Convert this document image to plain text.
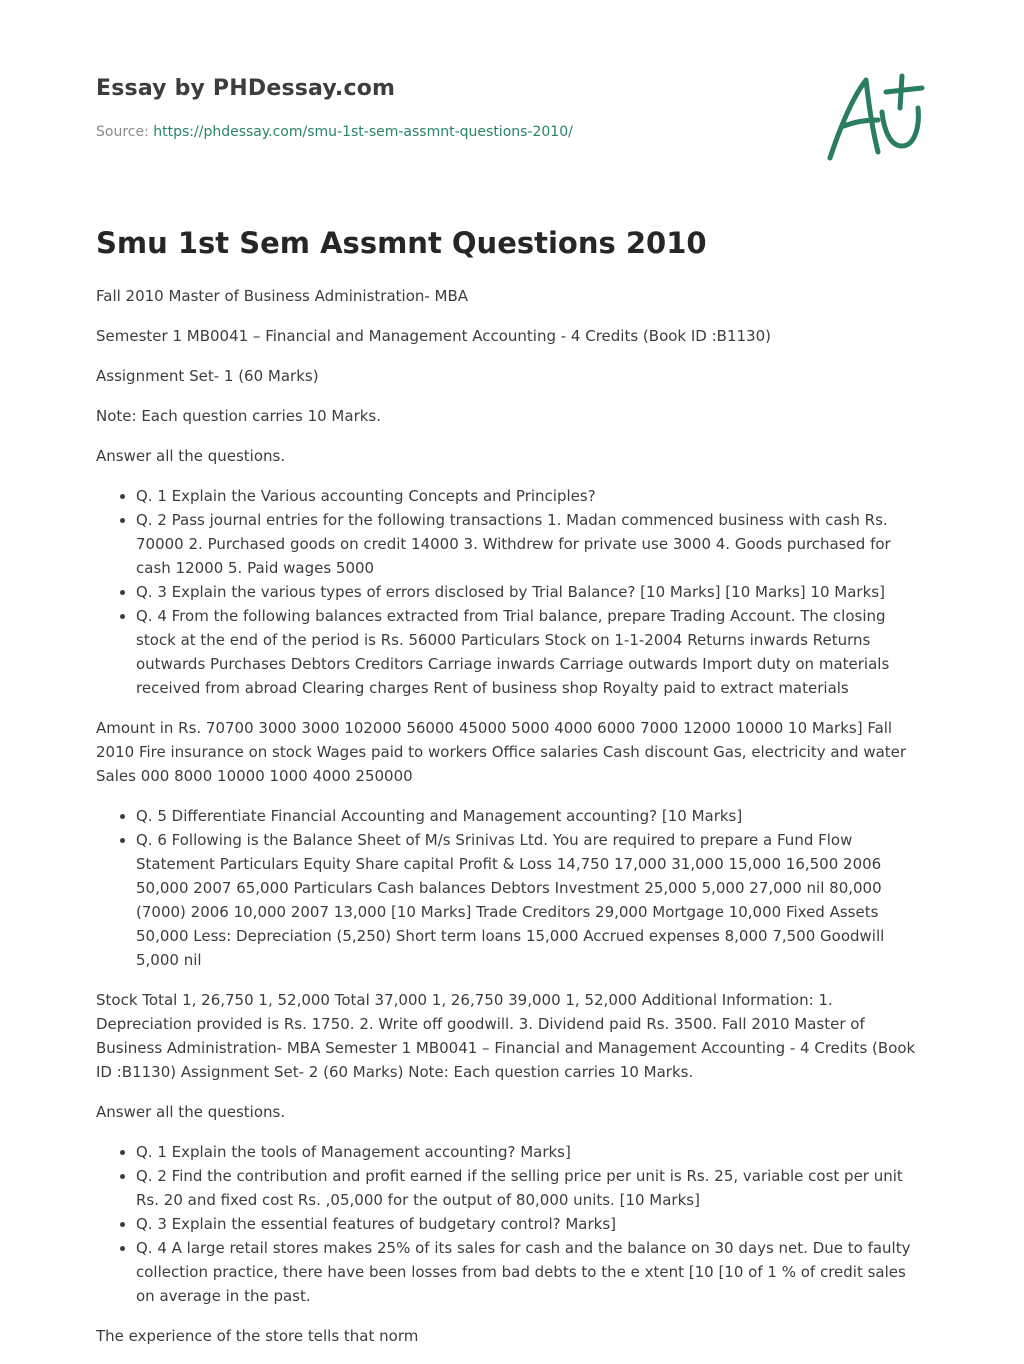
Essay by PHDessay.com
Source: https://phdessay.com/smu-1st-sem-assmnt-questions-2010/
Smu 1st Sem Assmnt Questions 2010

Fall 2010 Master of Business Administration- MBA

Semester 1 MB0041 – Financial and Management Accounting - 4 Credits (Book ID :B1130)

Assignment Set- 1 (60 Marks)

Note: Each question carries 10 Marks.

Answer all the questions.

• Q. 1 Explain the Various accounting Concepts and Principles?
• Q. 2 Pass journal entries for the following transactions 1. Madan commenced business with cash Rs. 70000 2. Purchased goods on credit 14000 3. Withdrew for private use 3000 4. Goods purchased for cash 12000 5. Paid wages 5000
• Q. 3 Explain the various types of errors disclosed by Trial Balance? [10 Marks] [10 Marks] 10 Marks]
• Q. 4 From the following balances extracted from Trial balance, prepare Trading Account. The closing stock at the end of the period is Rs. 56000 Particulars Stock on 1-1-2004 Returns inwards Returns outwards Purchases Debtors Creditors Carriage inwards Carriage outwards Import duty on materials received from abroad Clearing charges Rent of business shop Royalty paid to extract materials

Amount in Rs. 70700 3000 3000 102000 56000 45000 5000 4000 6000 7000 12000 10000 10 Marks] Fall 2010 Fire insurance on stock Wages paid to workers Office salaries Cash discount Gas, electricity and water Sales 000 8000 10000 1000 4000 250000

• Q. 5 Differentiate Financial Accounting and Management accounting? [10 Marks]
• Q. 6 Following is the Balance Sheet of M/s Srinivas Ltd. You are required to prepare a Fund Flow Statement Particulars Equity Share capital Profit & Loss 14,750 17,000 31,000 15,000 16,500 2006 50,000 2007 65,000 Particulars Cash balances Debtors Investment 25,000 5,000 27,000 nil 80,000 (7000) 2006 10,000 2007 13,000 [10 Marks] Trade Creditors 29,000 Mortgage 10,000 Fixed Assets 50,000 Less: Depreciation (5,250) Short term loans 15,000 Accrued expenses 8,000 7,500 Goodwill 5,000 nil

Stock Total 1, 26,750 1, 52,000 Total 37,000 1, 26,750 39,000 1, 52,000 Additional Information: 1. Depreciation provided is Rs. 1750. 2. Write off goodwill. 3. Dividend paid Rs. 3500. Fall 2010 Master of Business Administration- MBA Semester 1 MB0041 – Financial and Management Accounting - 4 Credits (Book ID :B1130) Assignment Set- 2 (60 Marks) Note: Each question carries 10 Marks.

Answer all the questions.

• Q. 1 Explain the tools of Management accounting? Marks]
• Q. 2 Find the contribution and profit earned if the selling price per unit is Rs. 25, variable cost per unit Rs. 20 and fixed cost Rs. ,05,000 for the output of 80,000 units. [10 Marks]
• Q. 3 Explain the essential features of budgetary control? Marks]
• Q. 4 A large retail stores makes 25% of its sales for cash and the balance on 30 days net. Due to faulty collection practice, there have been losses from bad debts to the e xtent [10 [10 of 1 % of credit sales on average in the past.

The experience of the store tells that norm
